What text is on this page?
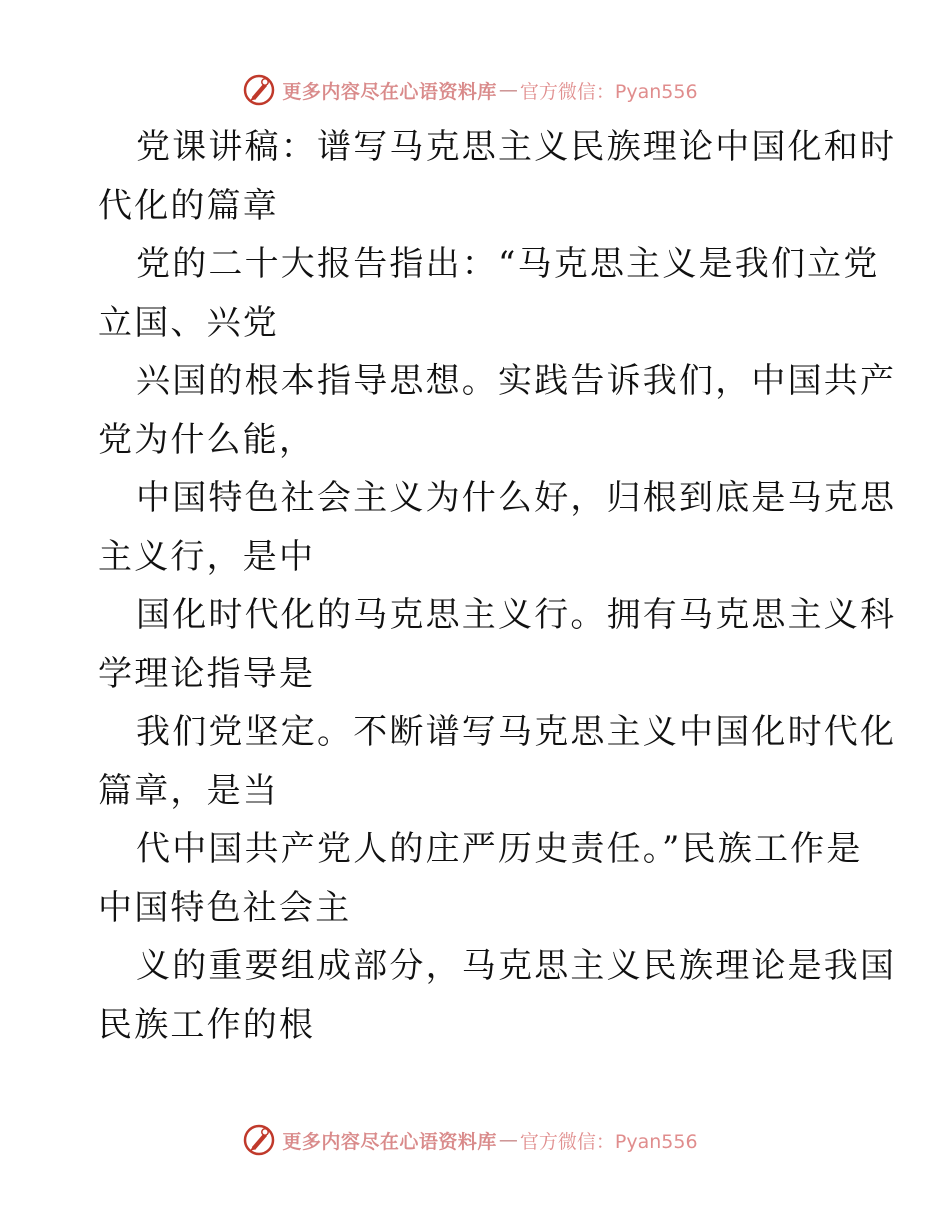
更多内容尽在心语资料库 — 官方微信：Pyan556
党课讲稿：谱写马克思主义民族理论中国化和时
代化的篇章
党的二十大报告指出：“马克思主义是我们立党
立国、兴党
兴国的根本指导思想。实践告诉我们，中国共产
党为什么能，
中国特色社会主义为什么好，归根到底是马克思
主义行，是中
国化时代化的马克思主义行。拥有马克思主义科
学理论指导是
我们党坚定。不断谱写马克思主义中国化时代化
篇章，是当
代中国共产党人的庄严历史责任。”民族工作是
中国特色社会主
义的重要组成部分，马克思主义民族理论是我国
民族工作的根
更多内容尽在心语资料库 — 官方微信：Pyan556
